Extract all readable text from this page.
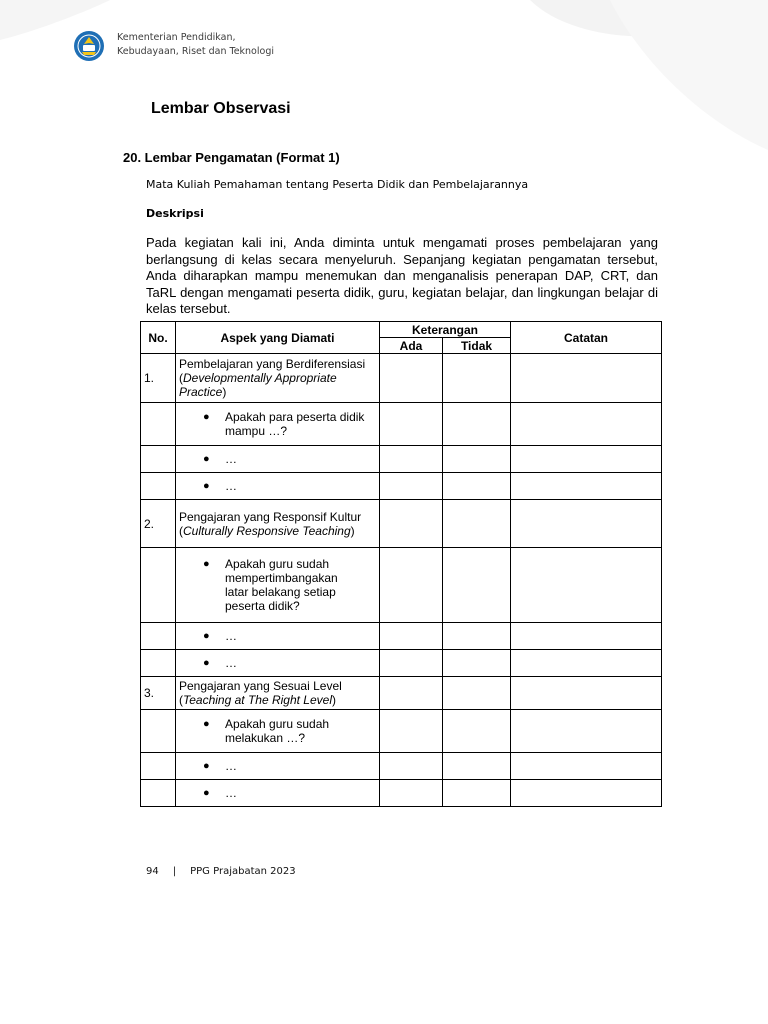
Kementerian Pendidikan,
Kebudayaan, Riset dan Teknologi
Lembar Observasi
20. Lembar Pengamatan (Format 1)
Mata Kuliah Pemahaman tentang Peserta Didik dan Pembelajarannya
Deskripsi
Pada kegiatan kali ini, Anda diminta untuk mengamati proses pembelajaran yang berlangsung di kelas secara menyeluruh. Sepanjang kegiatan pengamatan tersebut, Anda diharapkan mampu menemukan dan menganalisis penerapan DAP, CRT, dan TaRL dengan mengamati peserta didik, guru, kegiatan belajar, dan lingkungan belajar di kelas tersebut.
No.	Aspek yang Diamati	Keterangan		Catatan
		Ada	Tidak	
1.	Pembelajaran yang Berdiferensiasi (Developmentally Appropriate Practice)			

	● Apakah para peserta didik mampu …?			

	● …			

	● …			

2.	Pengajaran yang Responsif Kultur (Culturally Responsive Teaching)			

	● Apakah guru sudah mempertimbangakan latar belakang setiap peserta didik?			

	● …			

	● …			

3.	Pengajaran yang Sesuai Level (Teaching at The Right Level)			

	● Apakah guru sudah melakukan …?			

	● …			

	● …			

94 | PPG Prajabatan 2023
